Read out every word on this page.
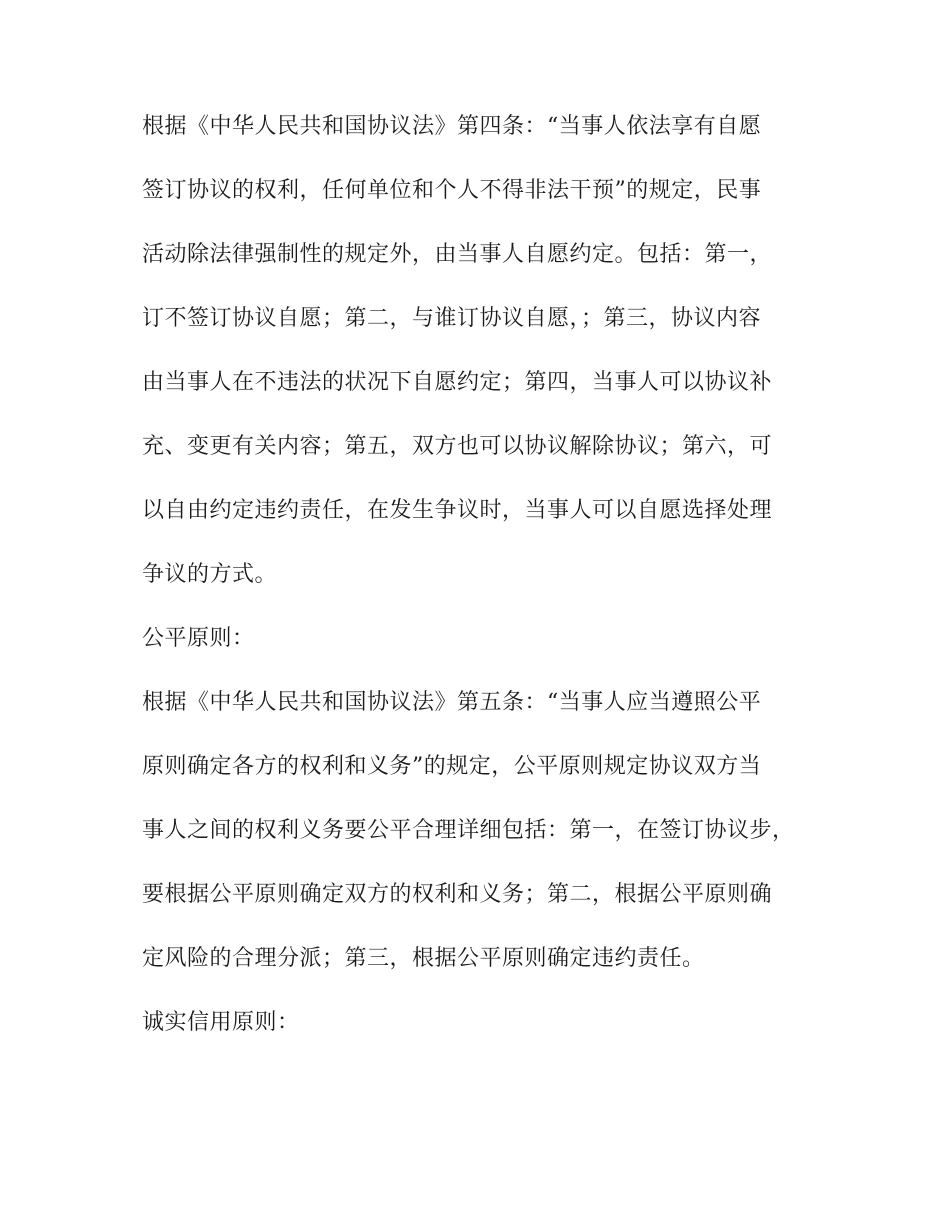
根据《中华人民共和国协议法》第四条：“当事人依法享有自愿
签订协议的权利，任何单位和个人不得非法干预”的规定，民事
活动除法律强制性的规定外，由当事人自愿约定。包括：第一，
订不签订协议自愿；第二，与谁订协议自愿，；第三，协议内容
由当事人在不违法的状况下自愿约定；第四，当事人可以协议补
充、变更有关内容；第五，双方也可以协议解除协议；第六，可
以自由约定违约责任，在发生争议时，当事人可以自愿选择处理
争议的方式。
公平原则：
根据《中华人民共和国协议法》第五条：“当事人应当遵照公平
原则确定各方的权利和义务”的规定，公平原则规定协议双方当
事人之间的权利义务要公平合理详细包括：第一，在签订协议步，
要根据公平原则确定双方的权利和义务；第二，根据公平原则确
定风险的合理分派；第三，根据公平原则确定违约责任。
诚实信用原则：
